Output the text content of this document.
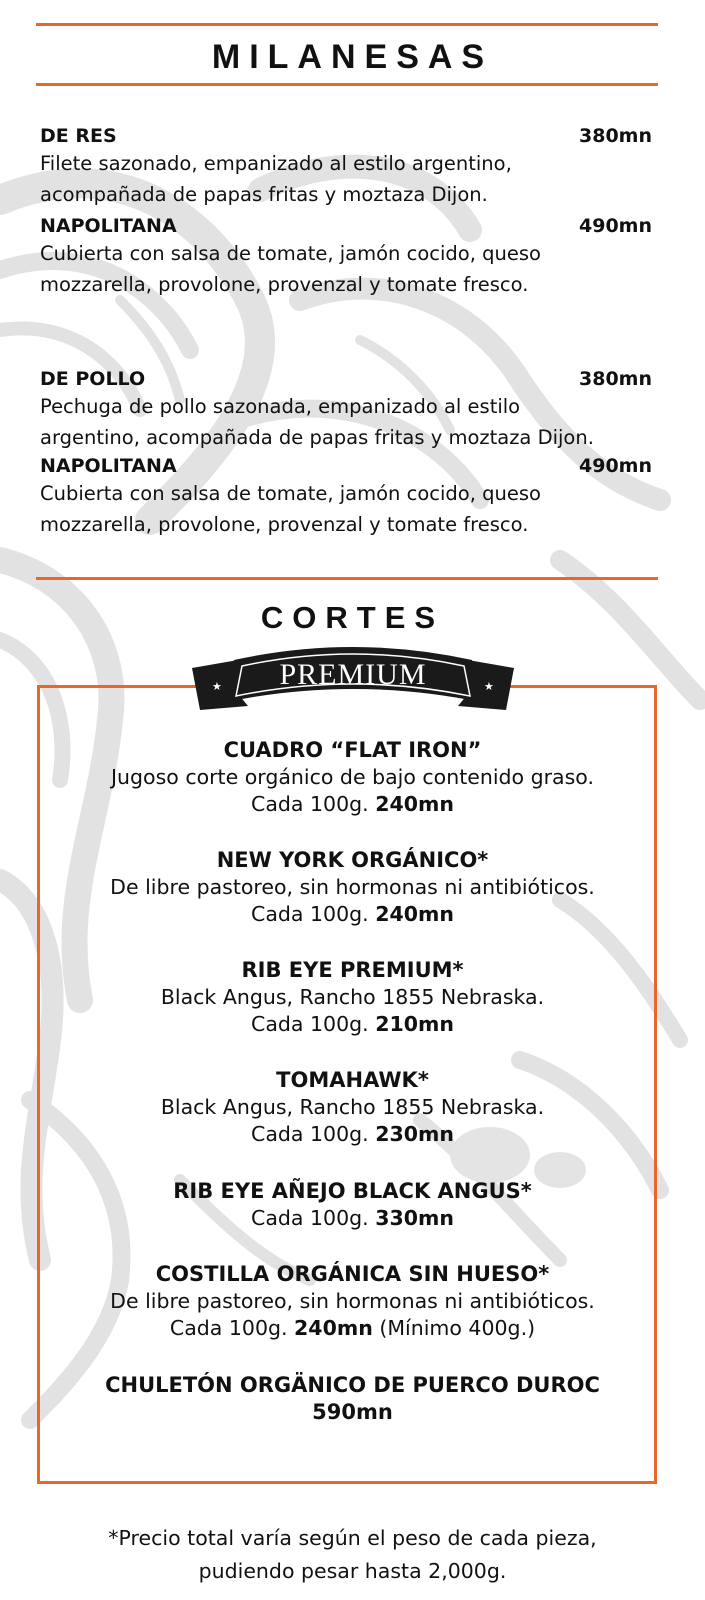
MILANESAS
DE RES	380mn
Filete sazonado, empanizado al estilo argentino,
acompañada de papas fritas y moztaza Dijon.
NAPOLITANA	490mn
Cubierta con salsa de tomate, jamón cocido, queso
mozzarella, provolone, provenzal y tomate fresco.
DE POLLO	380mn
Pechuga de pollo sazonada, empanizado al estilo
argentino, acompañada de papas fritas y moztaza Dijon.
NAPOLITANA	490mn
Cubierta con salsa de tomate, jamón cocido, queso
mozzarella, provolone, provenzal y tomate fresco.
CORTES
★	★
PREMIUM
CUADRO “FLAT IRON”
Jugoso corte orgánico de bajo contenido graso.
Cada 100g. 240mn
NEW YORK ORGÁNICO*
De libre pastoreo, sin hormonas ni antibióticos.
Cada 100g. 240mn
RIB EYE PREMIUM*
Black Angus, Rancho 1855 Nebraska.
Cada 100g. 210mn
TOMAHAWK*
Black Angus, Rancho 1855 Nebraska.
Cada 100g. 230mn
RIB EYE AÑEJO BLACK ANGUS*
Cada 100g. 330mn
COSTILLA ORGÁNICA SIN HUESO*
De libre pastoreo, sin hormonas ni antibióticos.
Cada 100g. 240mn (Mínimo 400g.)
CHULETÓN ORGÄNICO DE PUERCO DUROC
590mn
*Precio total varía según el peso de cada pieza,
pudiendo pesar hasta 2,000g.
